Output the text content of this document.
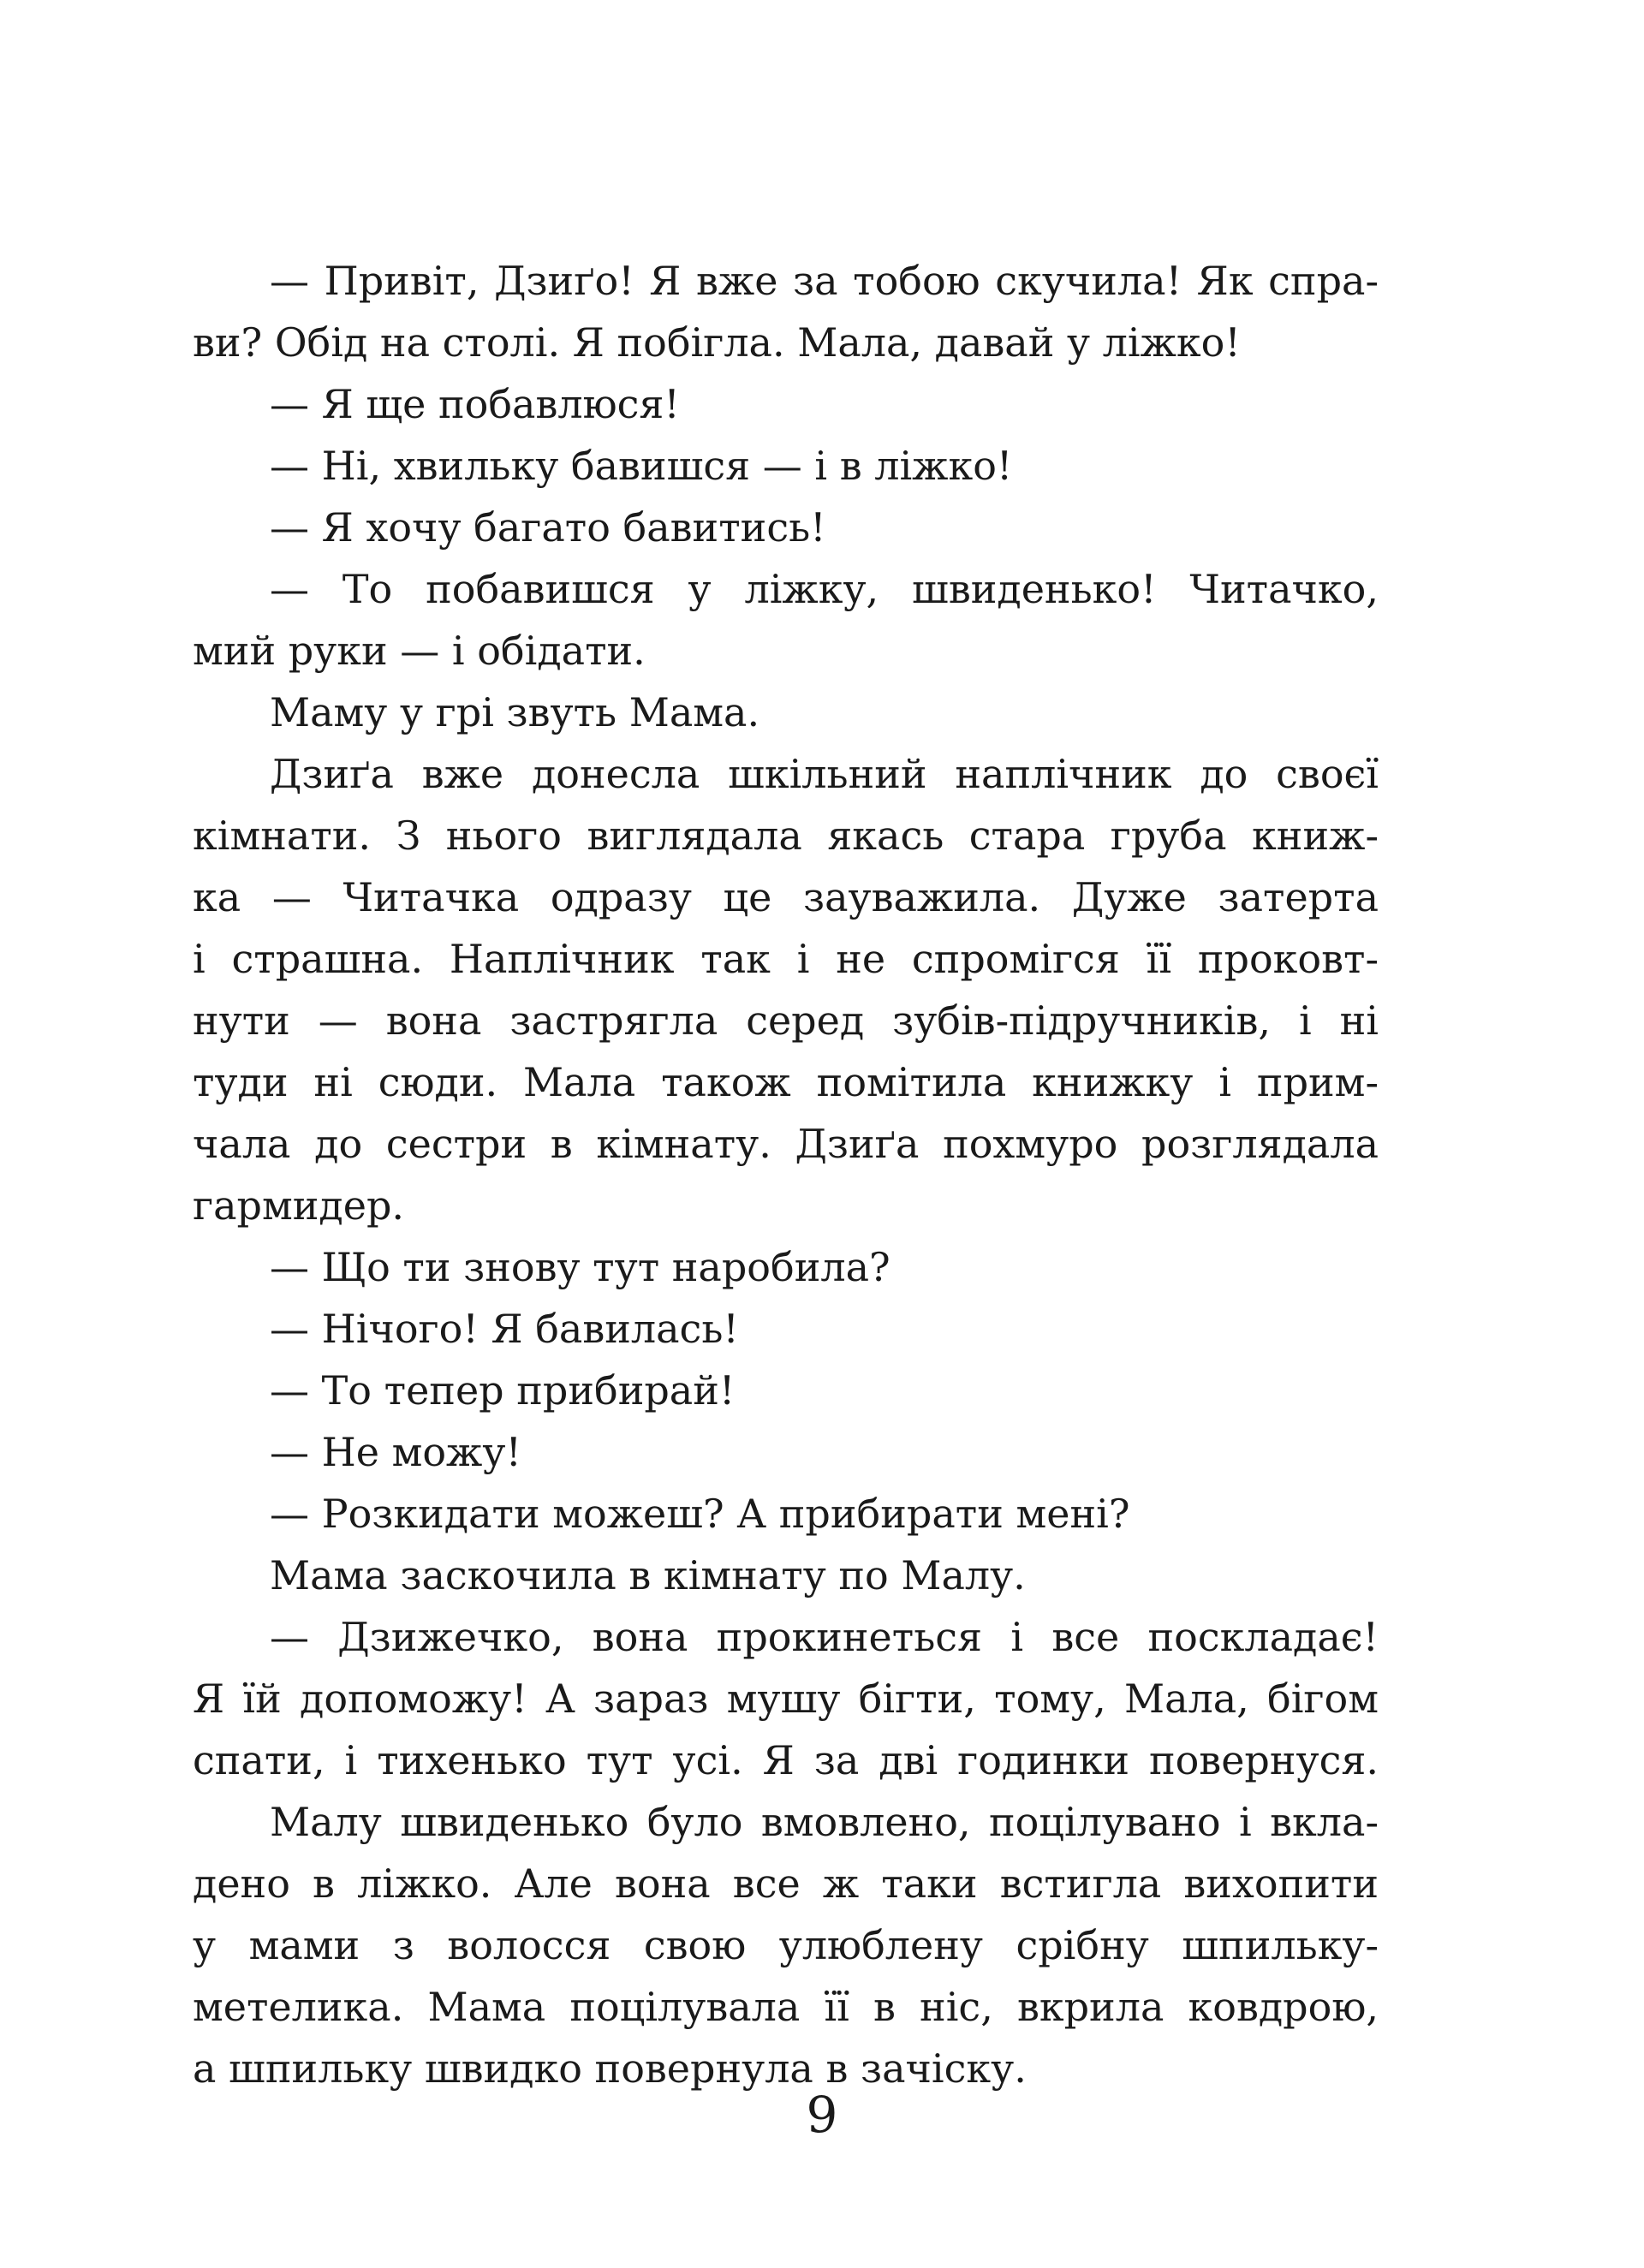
— Привіт, Дзиґо! Я вже за тобою скучила! Як спра-
ви? Обід на столі. Я побігла. Мала, давай у ліжко!
— Я ще побавлюся!
— Ні, хвильку бавишся — і в ліжко!
— Я хочу багато бавитись!
— То побавишся у ліжку, швиденько! Читачко,
мий руки — і обідати.
Маму у грі звуть Мама.
Дзиґа вже донесла шкільний наплічник до своєї
кімнати. З нього виглядала якась стара груба книж-
ка — Читачка одразу це зауважила. Дуже затерта
і страшна. Наплічник так і не спромігся її проковт-
нути — вона застрягла серед зубів-підручників, і ні
туди ні сюди. Мала також помітила книжку і прим-
чала до сестри в кімнату. Дзиґа похмуро розглядала
гармидер.
— Що ти знову тут наробила?
— Нічого! Я бавилась!
— То тепер прибирай!
— Не можу!
— Розкидати можеш? А прибирати мені?
Мама заскочила в кімнату по Малу.
— Дзижечко, вона прокинеться і все поскладає!
Я їй допоможу! А зараз мушу бігти, тому, Мала, бігом
спати, і тихенько тут усі. Я за дві годинки повернуся.
Малу швиденько було вмовлено, поцілувано і вкла-
дено в ліжко. Але вона все ж таки встигла вихопити
у мами з волосся свою улюблену срібну шпильку-
метелика. Мама поцілувала її в ніс, вкрила ковдрою,
а шпильку швидко повернула в зачіску.
9
